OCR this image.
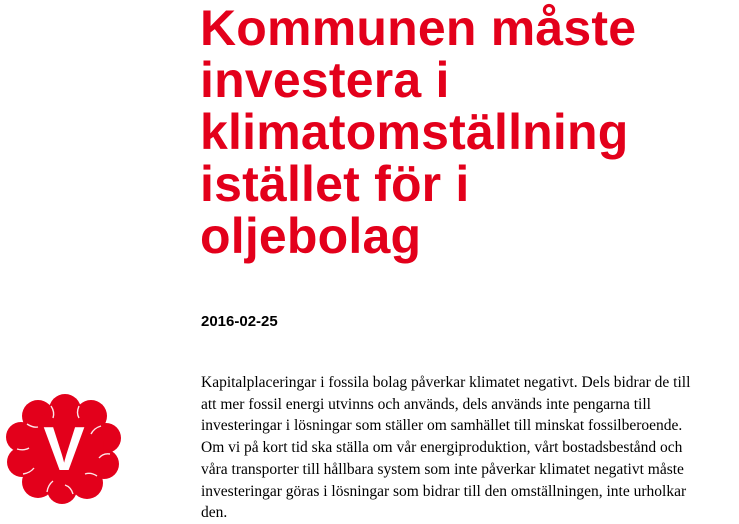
Kommunen måste
investera i
klimatomställning
istället för i
oljebolag
2016-02-25
V
Kapitalplaceringar i fossila bolag påverkar klimatet negativt. Dels bidrar de till
att mer fossil energi utvinns och används, dels används inte pengarna till
investeringar i lösningar som ställer om samhället till minskat fossilberoende.
Om vi på kort tid ska ställa om vår energiproduktion, vårt bostadsbestånd och
våra transporter till hållbara system som inte påverkar klimatet negativt måste
investeringar göras i lösningar som bidrar till den omställningen, inte urholkar
den.
